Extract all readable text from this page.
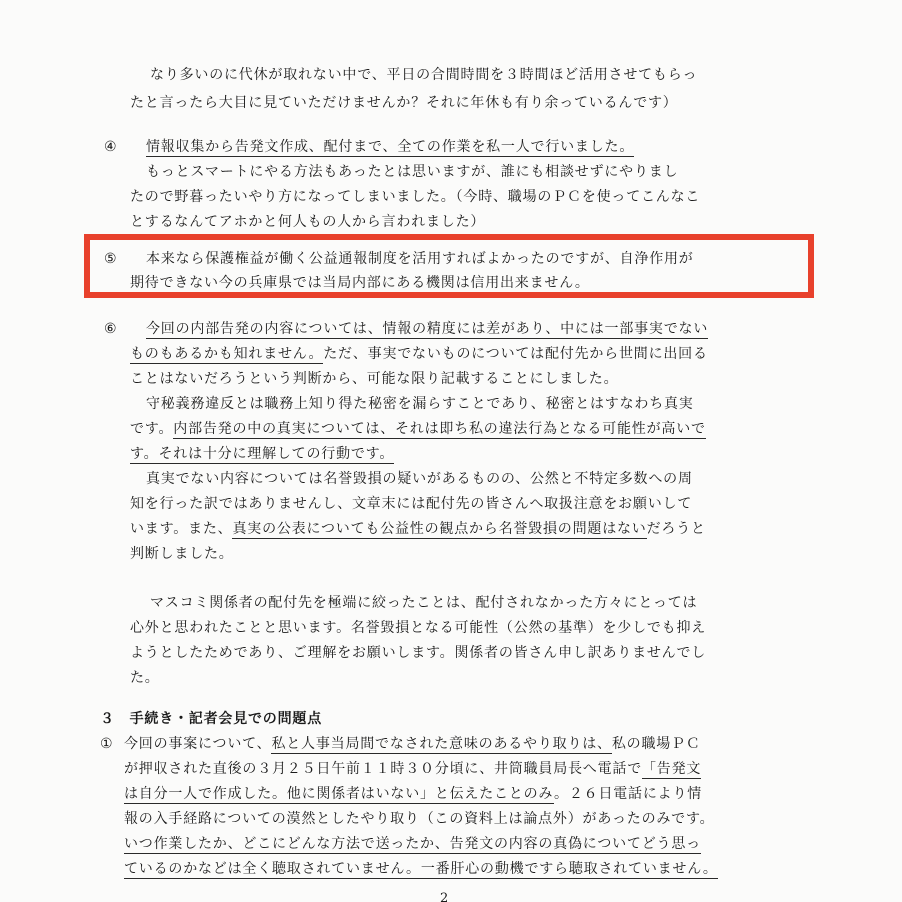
なり多いのに代休が取れない中で、平日の合間時間を３時間ほど活用させてもらっ
たと言ったら大目に見ていただけませんか？それに年休も有り余っているんです）
④ 情報収集から告発文作成、配付まで、全ての作業を私一人で行いました。
もっとスマートにやる方法もあったとは思いますが、誰にも相談せずにやりまし
たので野暮ったいやり方になってしまいました。（今時、職場のＰＣを使ってこんなこ
とするなんてアホかと何人もの人から言われました）
⑤ 本来なら保護権益が働く公益通報制度を活用すればよかったのですが、自浄作用が
期待できない今の兵庫県では当局内部にある機関は信用出来ません。
⑥ 今回の内部告発の内容については、情報の精度には差があり、中には一部事実でない
ものもあるかも知れません。ただ、事実でないものについては配付先から世間に出回る
ことはないだろうという判断から、可能な限り記載することにしました。
守秘義務違反とは職務上知り得た秘密を漏らすことであり、秘密とはすなわち真実
です。内部告発の中の真実については、それは即ち私の違法行為となる可能性が高いで
す。それは十分に理解しての行動です。
真実でない内容については名誉毀損の疑いがあるものの、公然と不特定多数への周
知を行った訳ではありませんし、文章末には配付先の皆さんへ取扱注意をお願いして
います。また、真実の公表についても公益性の観点から名誉毀損の問題はないだろうと
判断しました。
マスコミ関係者の配付先を極端に絞ったことは、配付されなかった方々にとっては
心外と思われたことと思います。名誉毀損となる可能性（公然の基準）を少しでも抑え
ようとしたためであり、ご理解をお願いします。関係者の皆さん申し訳ありませんでし
た。
３　手続き・記者会見での問題点
① 今回の事案について、私と人事当局間でなされた意味のあるやり取りは、私の職場ＰＣ
が押収された直後の３月２５日午前１１時３０分頃に、井筒職員局長へ電話で「告発文
は自分一人で作成した。他に関係者はいない」と伝えたことのみ。２６日電話により情
報の入手経路についての漠然としたやり取り（この資料上は論点外）があったのみです。
いつ作業したか、どこにどんな方法で送ったか、告発文の内容の真偽についてどう思っ
ているのかなどは全く聴取されていません。一番肝心の動機ですら聴取されていません。
2
